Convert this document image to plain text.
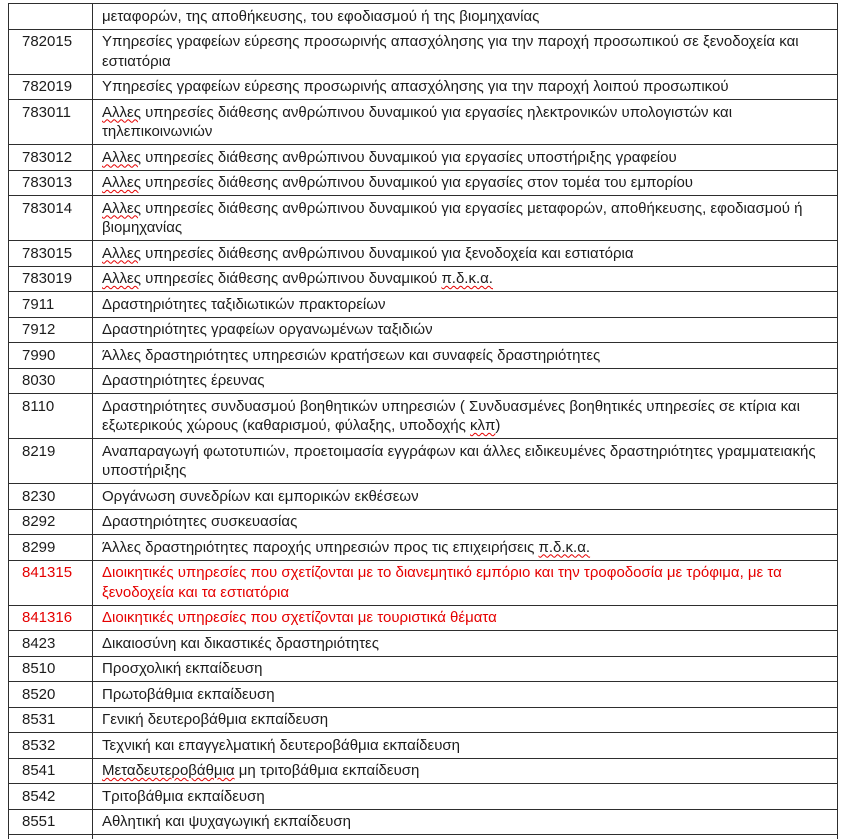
	μεταφορών, της αποθήκευσης, του εφοδιασμού ή της βιομηχανίας
782015	Υπηρεσίες γραφείων εύρεσης προσωρινής απασχόλησης για την παροχή προσωπικού σε ξενοδοχεία και εστιατόρια
782019	Υπηρεσίες γραφείων εύρεσης προσωρινής απασχόλησης για την παροχή λοιπού προσωπικού
783011	Αλλες υπηρεσίες διάθεσης ανθρώπινου δυναμικού για εργασίες ηλεκτρονικών υπολογιστών και τηλεπικοινωνιών
783012	Αλλες υπηρεσίες διάθεσης ανθρώπινου δυναμικού για εργασίες υποστήριξης γραφείου
783013	Αλλες υπηρεσίες διάθεσης ανθρώπινου δυναμικού για εργασίες στον τομέα του εμπορίου
783014	Αλλες υπηρεσίες διάθεσης ανθρώπινου δυναμικού για εργασίες μεταφορών, αποθήκευσης, εφοδιασμού ή βιομηχανίας
783015	Αλλες υπηρεσίες διάθεσης ανθρώπινου δυναμικού για ξενοδοχεία και εστιατόρια
783019	Αλλες υπηρεσίες διάθεσης ανθρώπινου δυναμικού π.δ.κ.α.
7911	Δραστηριότητες ταξιδιωτικών πρακτορείων
7912	Δραστηριότητες γραφείων οργανωμένων ταξιδιών
7990	Άλλες δραστηριότητες υπηρεσιών κρατήσεων και συναφείς δραστηριότητες
8030	Δραστηριότητες έρευνας
8110	Δραστηριότητες συνδυασμού βοηθητικών υπηρεσιών ( Συνδυασμένες βοηθητικές υπηρεσίες σε κτίρια και εξωτερικούς χώρους (καθαρισμού, φύλαξης, υποδοχής κλπ)
8219	Αναπαραγωγή φωτοτυπιών, προετοιμασία εγγράφων και άλλες ειδικευμένες δραστηριότητες γραμματειακής υποστήριξης
8230	Οργάνωση συνεδρίων και εμπορικών εκθέσεων
8292	Δραστηριότητες συσκευασίας
8299	Άλλες δραστηριότητες παροχής υπηρεσιών προς τις επιχειρήσεις π.δ.κ.α.
841315	Διοικητικές υπηρεσίες που σχετίζονται με το διανεμητικό εμπόριο και την τροφοδοσία με τρόφιμα, με τα ξενοδοχεία και τα εστιατόρια
841316	Διοικητικές υπηρεσίες που σχετίζονται με τουριστικά θέματα
8423	Δικαιοσύνη και δικαστικές δραστηριότητες
8510	Προσχολική εκπαίδευση
8520	Πρωτοβάθμια εκπαίδευση
8531	Γενική δευτεροβάθμια εκπαίδευση
8532	Τεχνική και επαγγελματική δευτεροβάθμια εκπαίδευση
8541	Μεταδευτεροβάθμια μη τριτοβάθμια εκπαίδευση
8542	Τριτοβάθμια εκπαίδευση
8551	Αθλητική και ψυχαγωγική εκπαίδευση
